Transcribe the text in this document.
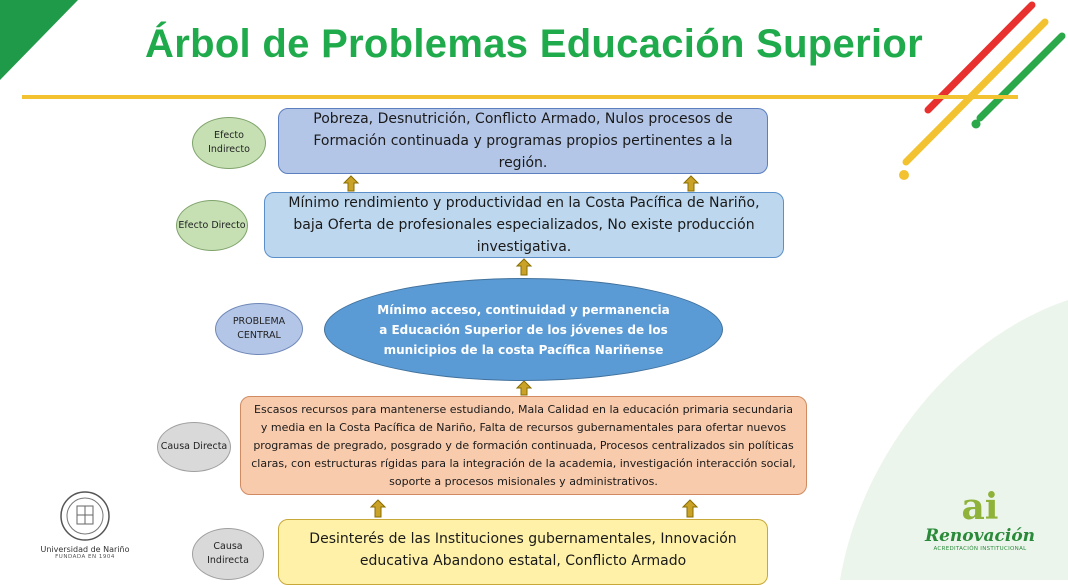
Árbol de Problemas Educación Superior
Efecto Indirecto
Efecto Directo
PROBLEMA CENTRAL
Causa Directa
Causa Indirecta
Pobreza, Desnutrición, Conflicto Armado, Nulos procesos de Formación continuada y programas propios pertinentes a la región.
Mínimo rendimiento y productividad en la Costa Pacífica de Nariño, baja Oferta de profesionales especializados, No existe producción investigativa.
Mínimo acceso, continuidad y permanencia a Educación Superior de los jóvenes de los municipios de la costa Pacífica Nariñense
Escasos recursos para mantenerse estudiando, Mala Calidad en la educación primaria secundaria y media en la Costa Pacífica de Nariño, Falta de recursos gubernamentales para ofertar nuevos programas de pregrado, posgrado y de formación continuada, Procesos centralizados sin políticas claras, con estructuras rígidas para la integración de la academia, investigación interacción social, soporte a procesos misionales y administrativos.
Desinterés de las Instituciones gubernamentales, Innovación educativa Abandono estatal, Conflicto Armado
Universidad de Nariño
FUNDADA EN 1904
ai
Renovación
ACREDITACIÓN INSTITUCIONAL
